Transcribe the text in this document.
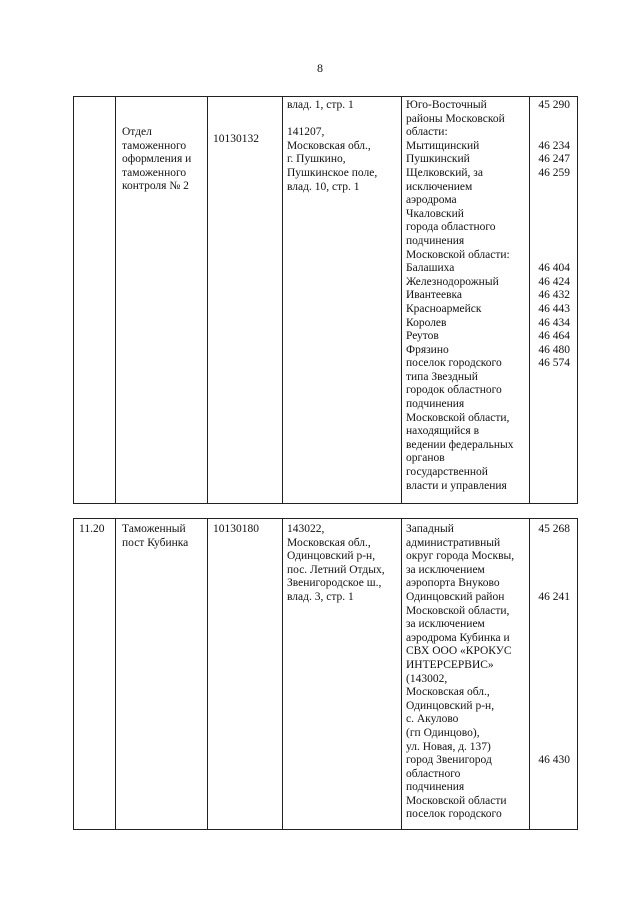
8
Отдел
таможенного
оформления и
таможенного
контроля № 2
10130132
влад. 1, стр. 1

141207,
Московская обл.,
г. Пушкино,
Пушкинское поле,
влад. 10, стр. 1
Юго-Восточный
районы Московской
области:
Мытищинский
Пушкинский
Щелковский, за
исключением
аэродрома
Чкаловский
города областного
подчинения
Московской области:
Балашиха
Железнодорожный
Ивантеевка
Красноармейск
Королев
Реутов
Фрязино
поселок городского
типа Звездный
городок областного
подчинения
Московской области,
находящийся в
ведении федеральных
органов
государственной
власти и управления
45 290
46 234
46 247
46 259
46 404
46 424
46 432
46 443
46 434
46 464
46 480
46 574
11.20	Таможенный
пост Кубинка
10130180	143022,
Московская обл.,
Одинцовский р-н,
пос. Летний Отдых,
Звенигородское ш.,
влад. 3, стр. 1
Западный
административный
округ города Москвы,
за исключением
аэропорта Внуково
Одинцовский район
Московской области,
за исключением
аэродрома Кубинка и
СВХ ООО «КРОКУС
ИНТЕРСЕРВИС»
(143002,
Московская обл.,
Одинцовский р-н,
с. Акулово
(гп Одинцово),
ул. Новая, д. 137)
город Звенигород
областного
подчинения
Московской области
поселок городского
45 268
46 241
46 430
